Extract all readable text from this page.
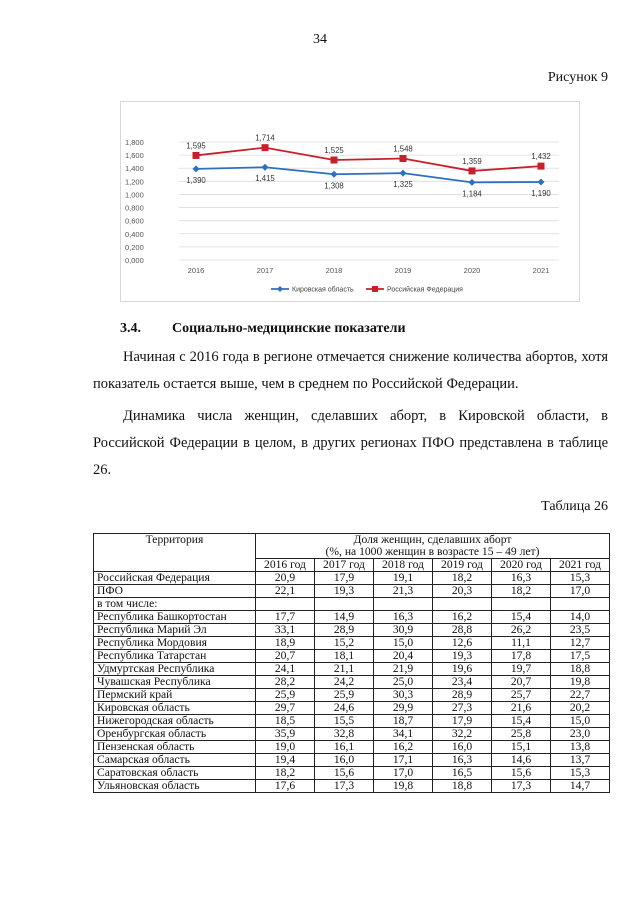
34
Рисунок 9
0,000
0,200
0,400
0,600
0,800
1,000
1,200
1,400
1,600
1,800
2016	2017	2018	2019	2020	2021
1,390	1,415
1,308	1,325
1,184	1,190
1,595
1,714
1,525	1,548
1,359
1,432
Кировская область	Российская Федерация
3.4. Социально-медицинские показатели
Начиная с 2016 года в регионе отмечается снижение количества абортов, хотя показатель остается выше, чем в среднем по Российской Федерации.
Динамика числа женщин, сделавших аборт, в Кировской области, в Российской Федерации в целом, в других регионах ПФО представлена в таблице 26.
Таблица 26
Территория	Доля женщин, сделавших аборт
(%, на 1000 женщин в возрасте 15 – 49 лет)					
	2016 год	2017 год	2018 год	2019 год	2020 год	2021 год
Российская Федерация	20,9	17,9	19,1	18,2	16,3	15,3
ПФО	22,1	19,3	21,3	20,3	18,2	17,0
в том числе:						
Республика Башкортостан	17,7	14,9	16,3	16,2	15,4	14,0
Республика Марий Эл	33,1	28,9	30,9	28,8	26,2	23,5
Республика Мордовия	18,9	15,2	15,0	12,6	11,1	12,7
Республика Татарстан	20,7	18,1	20,4	19,3	17,8	17,5
Удмуртская Республика	24,1	21,1	21,9	19,6	19,7	18,8
Чувашская Республика	28,2	24,2	25,0	23,4	20,7	19,8
Пермский край	25,9	25,9	30,3	28,9	25,7	22,7
Кировская область	29,7	24,6	29,9	27,3	21,6	20,2
Нижегородская область	18,5	15,5	18,7	17,9	15,4	15,0
Оренбургская область	35,9	32,8	34,1	32,2	25,8	23,0
Пензенская область	19,0	16,1	16,2	16,0	15,1	13,8
Самарская область	19,4	16,0	17,1	16,3	14,6	13,7
Саратовская область	18,2	15,6	17,0	16,5	15,6	15,3
Ульяновская область	17,6	17,3	19,8	18,8	17,3	14,7
